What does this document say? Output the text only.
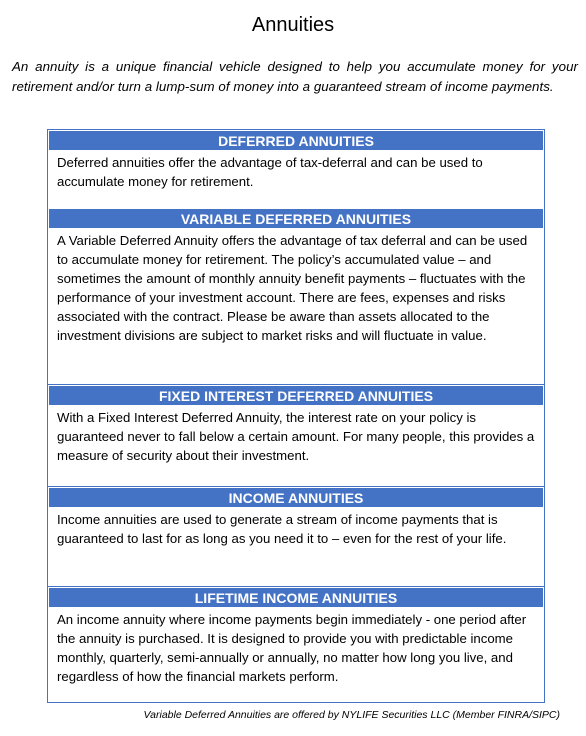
Annuities
An annuity is a unique financial vehicle designed to help you accumulate money for your retirement and/or turn a lump-sum of money into a guaranteed stream of income payments.
DEFERRED ANNUITIES
Deferred annuities offer the advantage of tax-deferral and can be used to accumulate money for retirement.
VARIABLE DEFERRED ANNUITIES
A Variable Deferred Annuity offers the advantage of tax deferral and can be used to accumulate money for retirement. The policy’s accumulated value – and sometimes the amount of monthly annuity benefit payments – fluctuates with the performance of your investment account. There are fees, expenses and risks associated with the contract. Please be aware than assets allocated to the investment divisions are subject to market risks and will fluctuate in value.
FIXED INTEREST DEFERRED ANNUITIES
With a Fixed Interest Deferred Annuity, the interest rate on your policy is guaranteed never to fall below a certain amount. For many people, this provides a measure of security about their investment.
INCOME ANNUITIES
Income annuities are used to generate a stream of income payments that is guaranteed to last for as long as you need it to – even for the rest of your life.
LIFETIME INCOME ANNUITIES
An income annuity where income payments begin immediately - one period after the annuity is purchased. It is designed to provide you with predictable income monthly, quarterly, semi-annually or annually, no matter how long you live, and regardless of how the financial markets perform.
Variable Deferred Annuities are offered by NYLIFE Securities LLC (Member FINRA/SIPC)
